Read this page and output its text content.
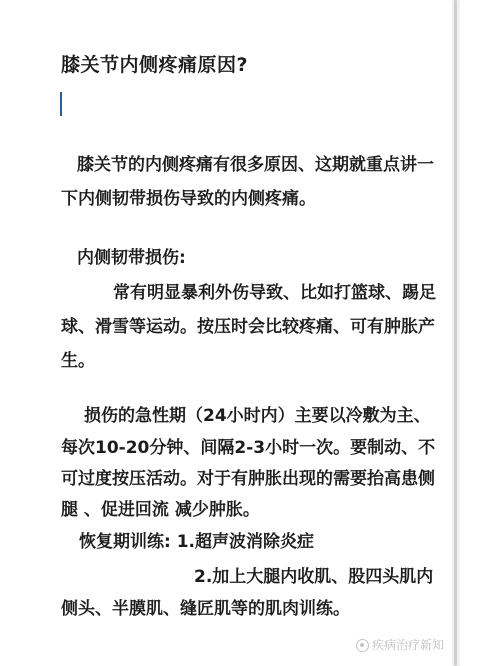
膝关节内侧疼痛原因?
膝关节的内侧疼痛有很多原因、这期就重点讲一
下内侧韧带损伤导致的内侧疼痛。
内侧韧带损伤:
常有明显暴利外伤导致、比如打篮球、踢足
球、滑雪等运动。按压时会比较疼痛、可有肿胀产
生。
损伤的急性期（24小时内）主要以冷敷为主、
每次10-20分钟、间隔2-3小时一次。要制动、不
可过度按压活动。对于有肿胀出现的需要抬高患侧
腿 、促进回流 减少肿胀。
恢复期训练: 1.超声波消除炎症
2.加上大腿内收肌、股四头肌内
侧头、半膜肌、缝匠肌等的肌肉训练。
疾病治疗新知
